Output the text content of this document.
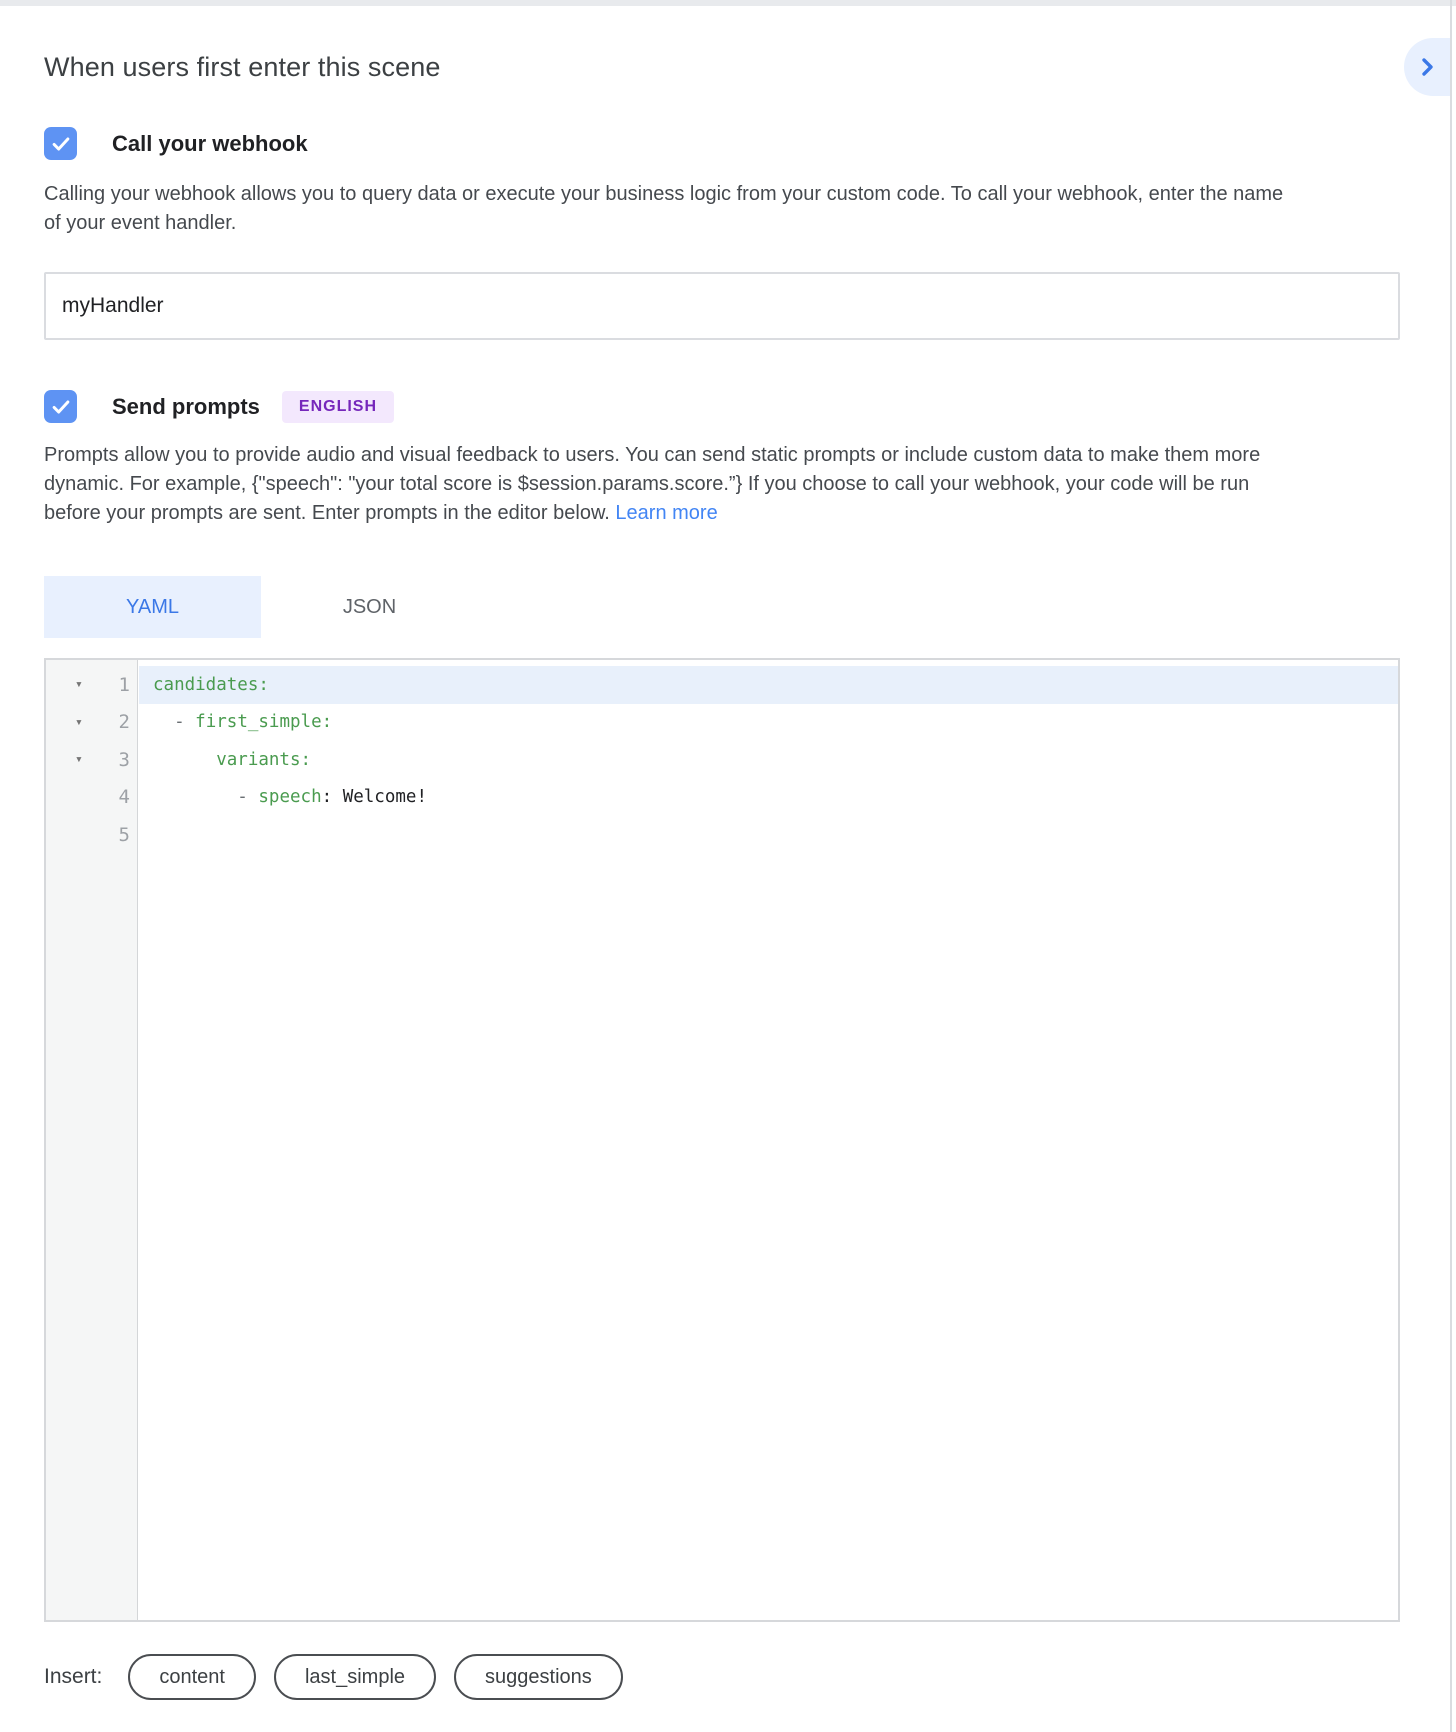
When users first enter this scene
Call your webhook

Calling your webhook allows you to query data or execute your business logic from your custom code. To call your webhook, enter the name of your event handler.

myHandler
Send prompts	ENGLISH

Prompts allow you to provide audio and visual feedback to users. You can send static prompts or include custom data to make them more dynamic. For example, {"speech": "your total score is $session.params.score.”} If you choose to call your webhook, your code will be run before your prompts are sent. Enter prompts in the editor below. Learn more

YAML	JSON
▾	1	candidates :
▾	2
	-
first_simple :
▾	3
	variants :
4
	-
speech : Welcome!
5
Insert:	content	last_simple	suggestions
